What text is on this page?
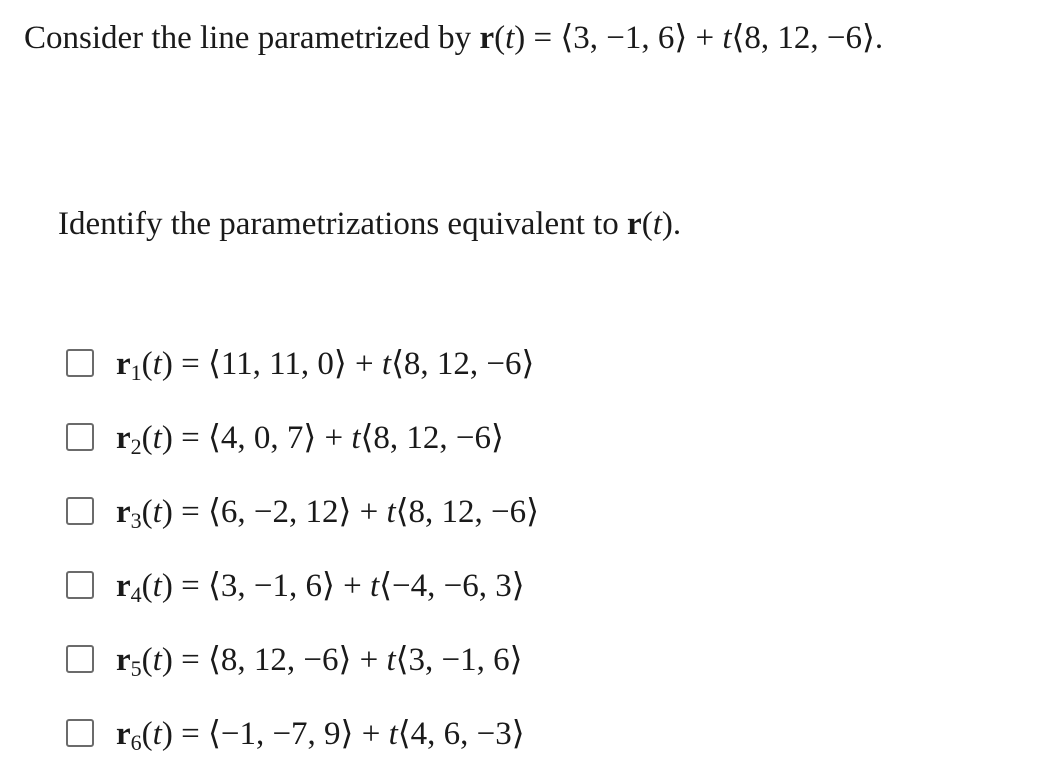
Consider the line parametrized by r(t) = ⟨3, −1, 6⟩ + t⟨8, 12, −6⟩.
Identify the parametrizations equivalent to r(t).
$r_1(t)$ = ⟨11, 11, 0⟩ + t⟨8, 12, −6⟩
$r_2(t)$ = ⟨4, 0, 7⟩ + t⟨8, 12, −6⟩
$r_3(t)$ = ⟨6, −2, 12⟩ + t⟨8, 12, −6⟩
$r_4(t)$ = ⟨3, −1, 6⟩ + t⟨−4, −6, 3⟩
$r_5(t)$ = ⟨8, 12, −6⟩ + t⟨3, −1, 6⟩
$r_6(t)$ = ⟨−1, −7, 9⟩ + t⟨4, 6, −3⟩
